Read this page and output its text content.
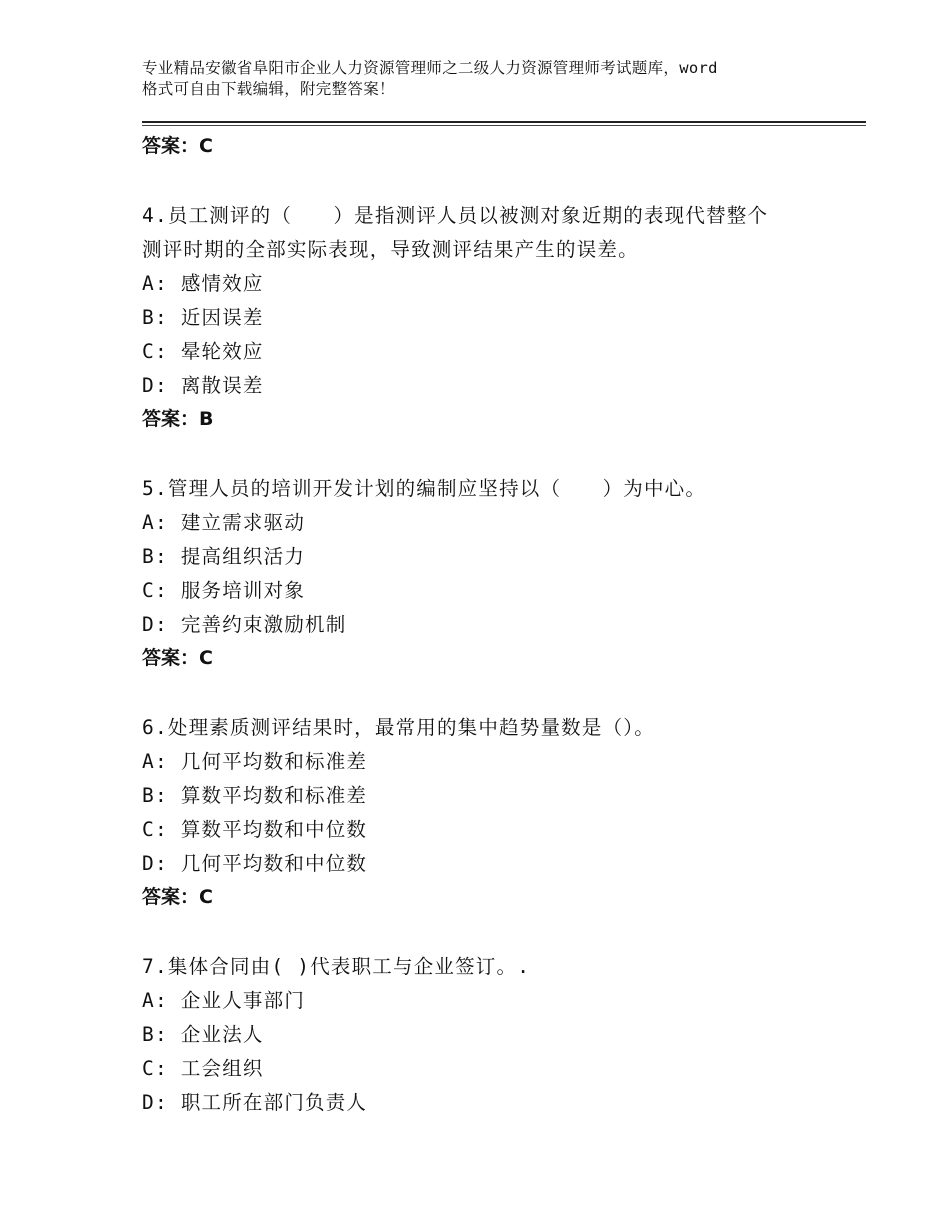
专业精品安徽省阜阳市企业人力资源管理师之二级人力资源管理师考试题库，word
格式可自由下载编辑，附完整答案！
答案：C
4.员工测评的（　　）是指测评人员以被测对象近期的表现代替整个
测评时期的全部实际表现，导致测评结果产生的误差。
A: 感情效应
B: 近因误差
C: 晕轮效应
D: 离散误差
答案：B
5.管理人员的培训开发计划的编制应坚持以（　　）为中心。
A: 建立需求驱动
B: 提高组织活力
C: 服务培训对象
D: 完善约束激励机制
答案：C
6.处理素质测评结果时，最常用的集中趋势量数是（）。
A: 几何平均数和标准差
B: 算数平均数和标准差
C: 算数平均数和中位数
D: 几何平均数和中位数
答案：C
7.集体合同由( )代表职工与企业签订。.
A: 企业人事部门
B: 企业法人
C: 工会组织
D: 职工所在部门负责人
